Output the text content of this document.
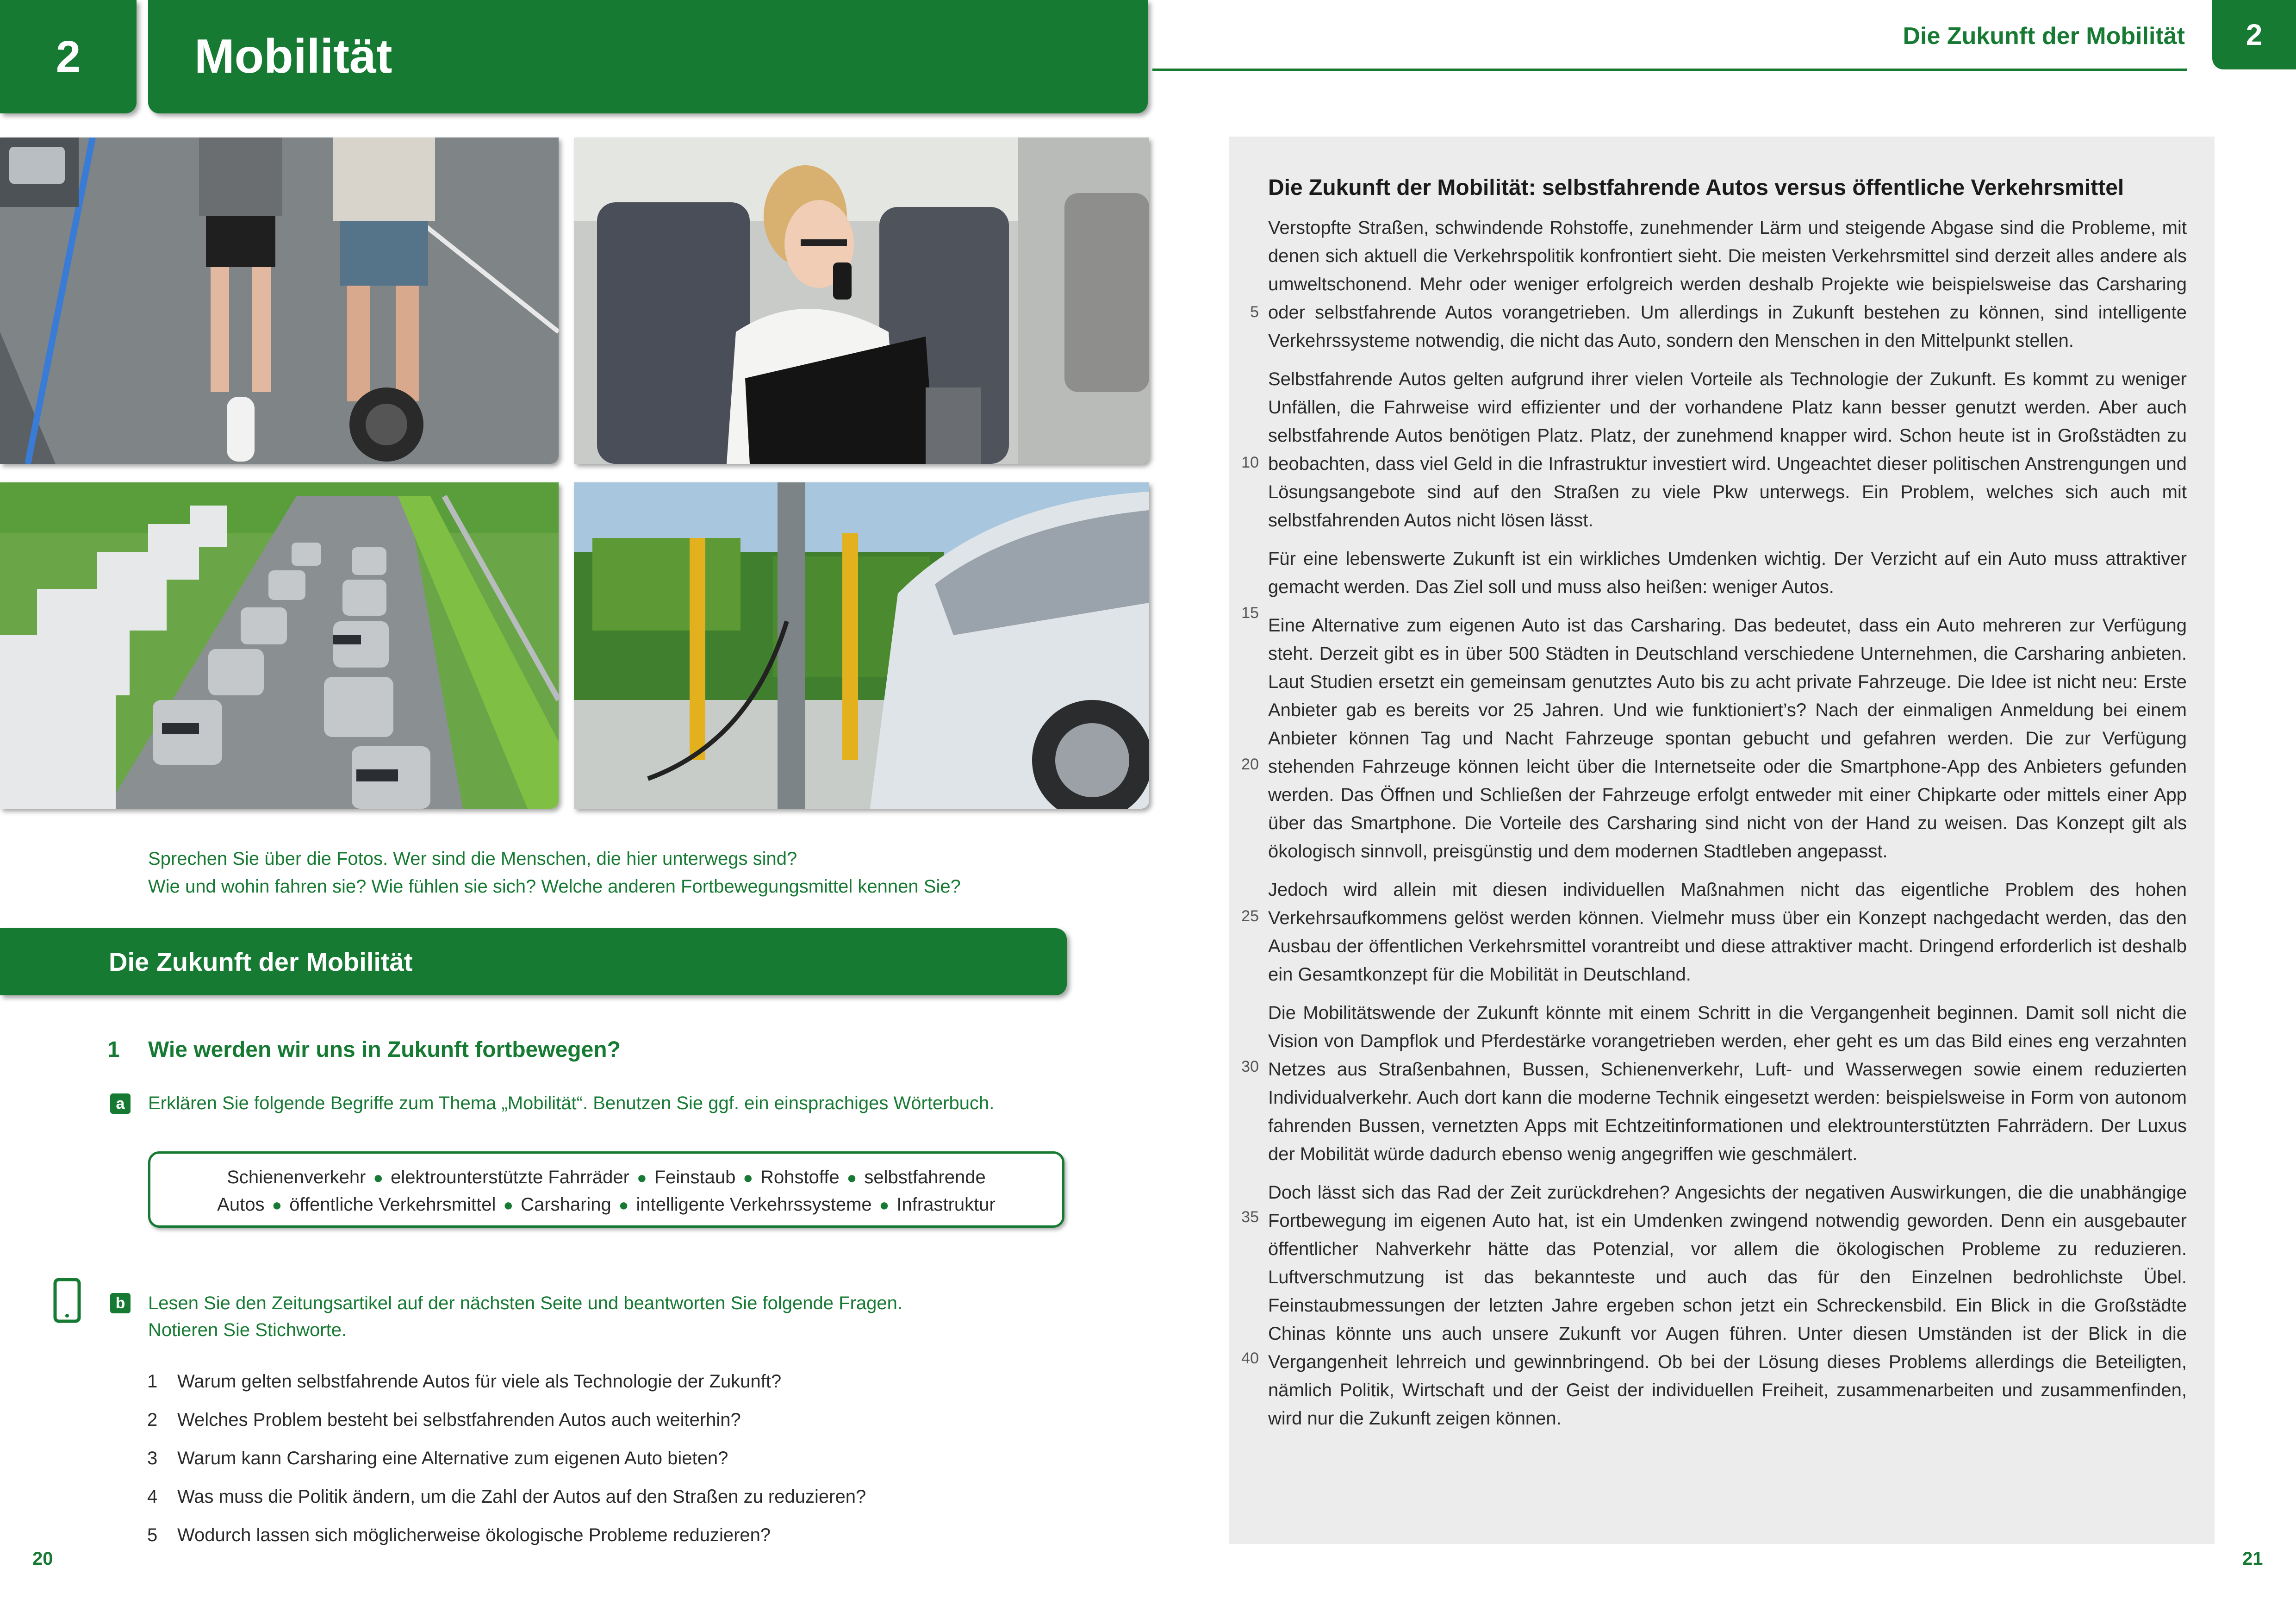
2 Mobilität
Sprechen Sie über die Fotos. Wer sind die Menschen, die hier unterwegs sind?
Wie und wohin fahren sie? Wie fühlen sie sich? Welche anderen Fortbewegungsmittel kennen Sie?
Die Zukunft der Mobilität
1 Wie werden wir uns in Zukunft fortbewegen?
a	Erklären Sie folgende Begriffe zum Thema „Mobilität“. Benutzen Sie ggf. ein einsprachiges Wörterbuch.
Schienenverkehr ● elektrounterstützte Fahrräder ● Feinstaub ● Rohstoffe ● selbstfahrende Autos ● öffentliche Verkehrsmittel ● Carsharing ● intelligente Verkehrssysteme ● Infrastruktur
b Lesen Sie den Zeitungsartikel auf der nächsten Seite und beantworten Sie folgende Fragen.
Notieren Sie Stichworte.
1 Warum gelten selbstfahrende Autos für viele als Technologie der Zukunft?
2 Welches Problem besteht bei selbstfahrenden Autos auch weiterhin?
3 Warum kann Carsharing eine Alternative zum eigenen Auto bieten?
4 Was muss die Politik ändern, um die Zahl der Autos auf den Straßen zu reduzieren?
5 Wodurch lassen sich möglicherweise ökologische Probleme reduzieren?
20
Die Zukunft der Mobilität 2
Die Zukunft der Mobilität: selbstfahrende Autos versus öffentliche Verkehrsmittel

Verstopfte Straßen, schwindende Rohstoffe, zunehmender Lärm und steigende Abgase sind die Probleme, mit denen sich aktuell die Verkehrspolitik konfrontiert sieht. Die meisten Verkehrsmittel sind derzeit alles andere als umweltschonend. Mehr oder weniger erfolgreich werden deshalb Projekte wie beispielsweise das Carsharing oder selbstfahrende Autos vorangetrieben. Um allerdings in Zukunft bestehen zu können, sind intelligente Verkehrssysteme notwendig, die nicht das Auto, sondern den Menschen in den Mittelpunkt stellen.

Selbstfahrende Autos gelten aufgrund ihrer vielen Vorteile als Technologie der Zukunft. Es kommt zu weniger Unfällen, die Fahrweise wird effizienter und der vorhandene Platz kann besser genutzt werden. Aber auch selbstfahrende Autos benötigen Platz. Platz, der zunehmend knapper wird. Schon heute ist in Großstädten zu beobachten, dass viel Geld in die Infrastruktur investiert wird. Ungeachtet dieser politischen Anstrengungen und Lösungsangebote sind auf den Straßen zu viele Pkw unterwegs. Ein Problem, welches sich auch mit selbstfahrenden Autos nicht lösen lässt.

Für eine lebenswerte Zukunft ist ein wirkliches Umdenken wichtig. Der Verzicht auf ein Auto muss attraktiver gemacht werden. Das Ziel soll und muss also heißen: weniger Autos.

Eine Alternative zum eigenen Auto ist das Carsharing. Das bedeutet, dass ein Auto mehreren zur Verfügung steht. Derzeit gibt es in über 500 Städten in Deutschland verschiedene Unternehmen, die Carsharing anbieten. Laut Studien ersetzt ein gemeinsam genutztes Auto bis zu acht private Fahrzeuge. Die Idee ist nicht neu: Erste Anbieter gab es bereits vor 25 Jahren. Und wie funktioniert’s? Nach der einmaligen Anmeldung bei einem Anbieter können Tag und Nacht Fahrzeuge spontan gebucht und gefahren werden. Die zur Verfügung stehenden Fahrzeuge können leicht über die Internetseite oder die Smartphone-App des Anbieters gefunden werden. Das Öffnen und Schließen der Fahrzeuge erfolgt entweder mit einer Chipkarte oder mittels einer App über das Smartphone. Die Vorteile des Carsharing sind nicht von der Hand zu weisen. Das Konzept gilt als ökologisch sinnvoll, preisgünstig und dem modernen Stadtleben angepasst.

Jedoch wird allein mit diesen individuellen Maßnahmen nicht das eigentliche Problem des hohen Verkehrsaufkommens gelöst werden können. Vielmehr muss über ein Konzept nachgedacht werden, das den Ausbau der öffentlichen Verkehrsmittel vorantreibt und diese attraktiver macht. Dringend erforderlich ist deshalb ein Gesamtkonzept für die Mobilität in Deutschland.

Die Mobilitätswende der Zukunft könnte mit einem Schritt in die Vergangenheit beginnen. Damit soll nicht die Vision von Dampflok und Pferdestärke vorangetrieben werden, eher geht es um das Bild eines eng verzahnten Netzes aus Straßenbahnen, Bussen, Schienenverkehr, Luft- und Wasserwegen sowie einem reduzierten Individualverkehr. Auch dort kann die moderne Technik eingesetzt werden: beispielsweise in Form von autonom fahrenden Bussen, vernetzten Apps mit Echtzeitinformationen und elektrounterstützten Fahrrädern. Der Luxus der Mobilität würde dadurch ebenso wenig angegriffen wie geschmälert.

Doch lässt sich das Rad der Zeit zurückdrehen? Angesichts der negativen Auswirkungen, die die unabhängige Fortbewegung im eigenen Auto hat, ist ein Umdenken zwingend notwendig geworden. Denn ein ausgebauter öffentlicher Nahverkehr hätte das Potenzial, vor allem die ökologischen Probleme zu reduzieren. Luftverschmutzung ist das bekannteste und auch das für den Einzelnen bedrohlichste Übel. Feinstaubmessungen der letzten Jahre ergeben schon jetzt ein Schreckensbild. Ein Blick in die Großstädte Chinas könnte uns auch unsere Zukunft vor Augen führen. Unter diesen Umständen ist der Blick in die Vergangenheit lehrreich und gewinnbringend. Ob bei der Lösung dieses Problems allerdings die Beteiligten, nämlich Politik, Wirtschaft und der Geist der individuellen Freiheit, zusammenarbeiten und zusammenfinden, wird nur die Zukunft zeigen können.

5
10
15
20
25
30
35
40
21
